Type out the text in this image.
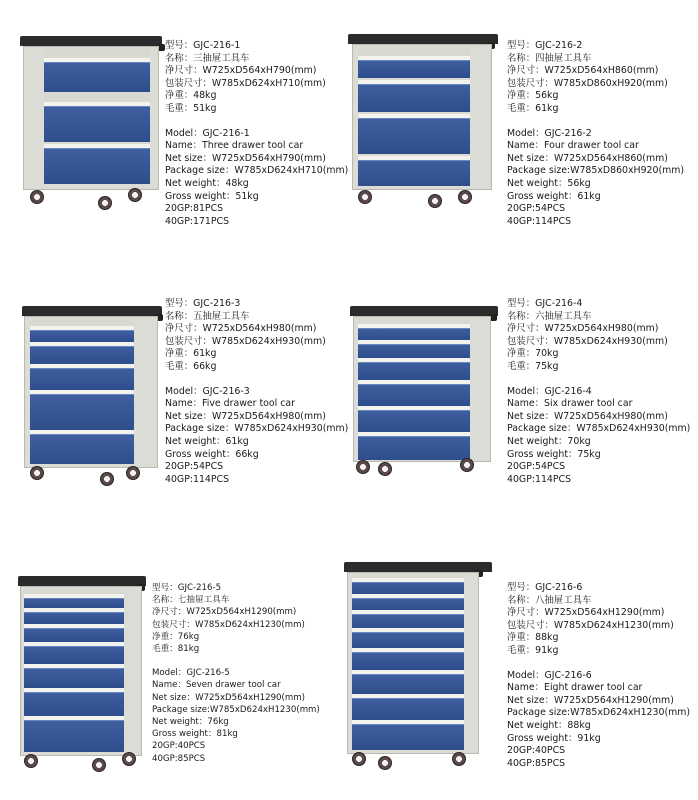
型号：GJC-216-1
名称：三抽屉工具车
净尺寸：W725xD564xH790(mm)
包装尺寸：W785xD624xH710(mm)
净重：48kg
毛重：51kg
Model：GJC-216-1
Name：Three drawer tool car
Net size：W725xD564xH790(mm)
Package size：W785xD624xH710(mm)
Net weight：48kg
Gross weight：51kg
20GP:81PCS
40GP:171PCS
型号：GJC-216-2
名称：四抽屉工具车
净尺寸：W725xD564xH860(mm)
包装尺寸：W785xD860xH920(mm)
净重：56kg
毛重：61kg
Model：GJC-216-2
Name：Four drawer tool car
Net size：W725xD564xH860(mm)
Package size:W785xD860xH920(mm)
Net weight：56kg
Gross weight：61kg
20GP:54PCS
40GP:114PCS
型号：GJC-216-3
名称：五抽屉工具车
净尺寸：W725xD564xH980(mm)
包装尺寸：W785xD624xH930(mm)
净重：61kg
毛重：66kg
Model：GJC-216-3
Name：Five drawer tool car
Net size：W725xD564xH980(mm)
Package size：W785xD624xH930(mm)
Net weight：61kg
Gross weight：66kg
20GP:54PCS
40GP:114PCS
型号：GJC-216-4
名称：六抽屉工具车
净尺寸：W725xD564xH980(mm)
包装尺寸：W785xD624xH930(mm)
净重：70kg
毛重：75kg
Model：GJC-216-4
Name：Six drawer tool car
Net size：W725xD564xH980(mm)
Package size：W785xD624xH930(mm)
Net weight：70kg
Gross weight：75kg
20GP:54PCS
40GP:114PCS
型号：GJC-216-5
名称：七抽屉工具车
净尺寸：W725xD564xH1290(mm)
包装尺寸：W785xD624xH1230(mm)
净重：76kg
毛重：81kg
Model：GJC-216-5
Name：Seven drawer tool car
Net size：W725xD564xH1290(mm)
Package size:W785xD624xH1230(mm)
Net weight：76kg
Gross weight：81kg
20GP:40PCS
40GP:85PCS
型号：GJC-216-6
名称：八抽屉工具车
净尺寸：W725xD564xH1290(mm)
包装尺寸：W785xD624xH1230(mm)
净重：88kg
毛重：91kg
Model：GJC-216-6
Name：Eight drawer tool car
Net size：W725xD564xH1290(mm)
Package size:W785xD624xH1230(mm)
Net weight：88kg
Gross weight：91kg
20GP:40PCS
40GP:85PCS
